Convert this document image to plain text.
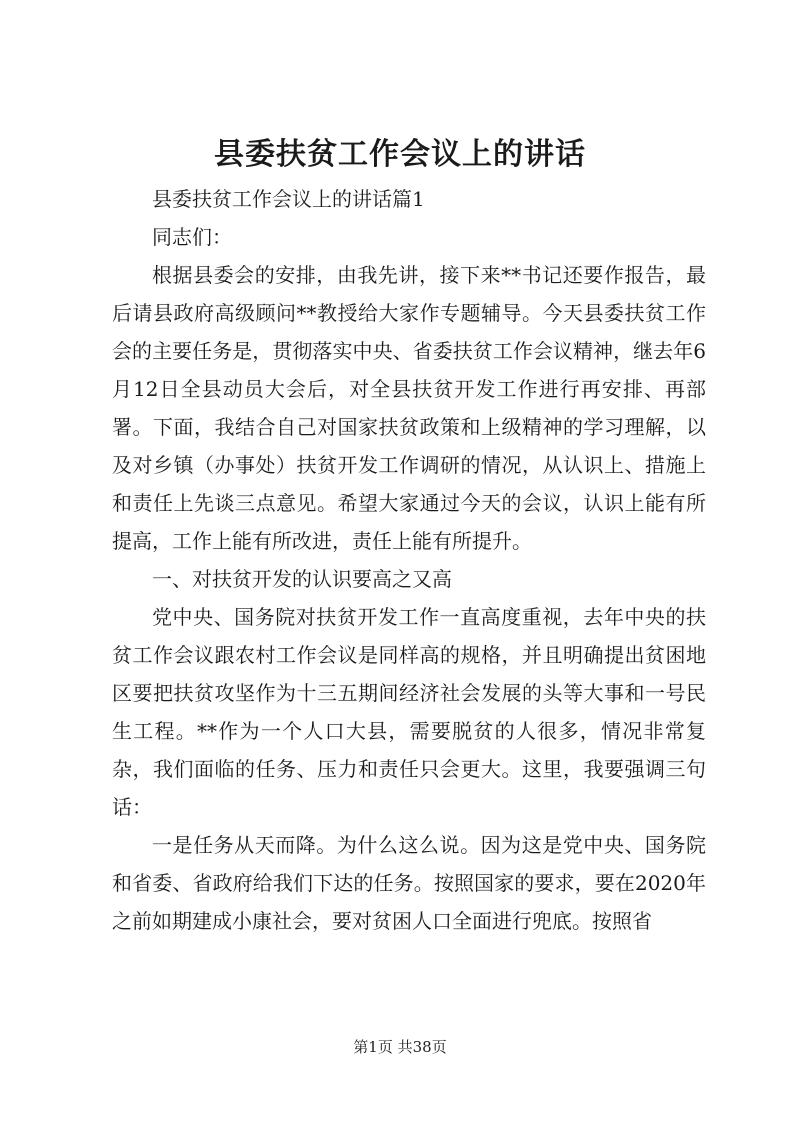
县委扶贫工作会议上的讲话

县委扶贫工作会议上的讲话篇1

同志们：

根据县委会的安排，由我先讲，接下来**书记还要作报告，最后请县政府高级顾问**教授给大家作专题辅导。今天县委扶贫工作会的主要任务是，贯彻落实中央、省委扶贫工作会议精神，继去年6月12日全县动员大会后，对全县扶贫开发工作进行再安排、再部署。下面，我结合自己对国家扶贫政策和上级精神的学习理解，以及对乡镇（办事处）扶贫开发工作调研的情况，从认识上、措施上和责任上先谈三点意见。希望大家通过今天的会议，认识上能有所提高，工作上能有所改进，责任上能有所提升。

一、对扶贫开发的认识要高之又高

党中央、国务院对扶贫开发工作一直高度重视，去年中央的扶贫工作会议跟农村工作会议是同样高的规格，并且明确提出贫困地区要把扶贫攻坚作为十三五期间经济社会发展的头等大事和一号民生工程。**作为一个人口大县，需要脱贫的人很多，情况非常复杂，我们面临的任务、压力和责任只会更大。这里，我要强调三句话：

一是任务从天而降。为什么这么说。因为这是党中央、国务院和省委、省政府给我们下达的任务。按照国家的要求，要在2020年之前如期建成小康社会，要对贫困人口全面进行兜底。按照省

第1页 共38页
